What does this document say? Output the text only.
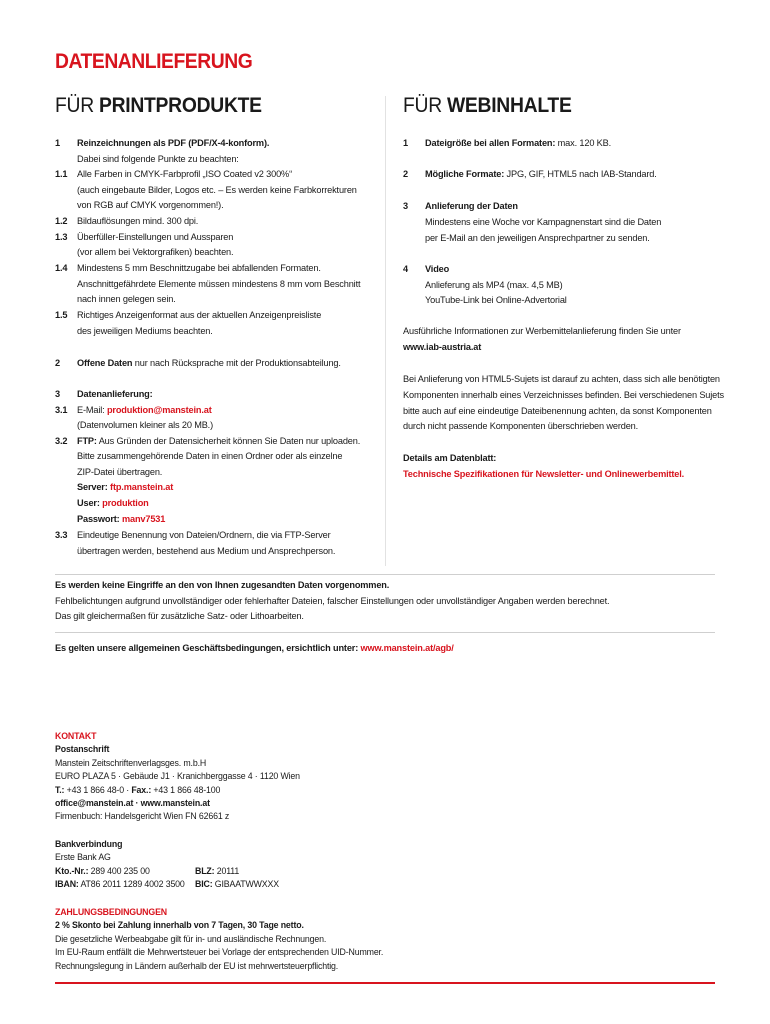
DATENANLIEFERUNG
FÜR PRINTPRODUKTE	FÜR WEBINHALTE
1 Reinzeichnungen als PDF (PDF/X-4-konform).
Dabei sind folgende Punkte zu beachten:
1.1 Alle Farben in CMYK-Farbprofil „ISO Coated v2 300%“
(auch eingebaute Bilder, Logos etc. – Es werden keine Farbkorrekturen
von RGB auf CMYK vorgenommen!).
1.2 Bildauflösungen mind. 300 dpi.
1.3 Überfüller-Einstellungen und Aussparen
(vor allem bei Vektorgrafiken) beachten.
1.4 Mindestens 5 mm Beschnittzugabe bei abfallenden Formaten.
Anschnittgefährdete Elemente müssen mindestens 8 mm vom Beschnitt
nach innen gelegen sein.
1.5 Richtiges Anzeigenformat aus der aktuellen Anzeigenpreisliste
des jeweiligen Mediums beachten.
2 Offene Daten nur nach Rücksprache mit der Produktionsabteilung.
3 Datenanlieferung:
3.1 E-Mail: produktion@manstein.at
(Datenvolumen kleiner als 20 MB.)
3.2 FTP: Aus Gründen der Datensicherheit können Sie Daten nur uploaden.
Bitte zusammengehörende Daten in einen Ordner oder als einzelne
ZIP-Datei übertragen.
Server: ftp.manstein.at
User: produktion
Passwort: manv7531
3.3 Eindeutige Benennung von Dateien/Ordnern, die via FTP-Server
übertragen werden, bestehend aus Medium und Ansprechperson.
1 Dateigröße bei allen Formaten: max. 120 KB.
2 Mögliche Formate: JPG, GIF, HTML5 nach IAB-Standard.
3 Anlieferung der Daten
Mindestens eine Woche vor Kampagnenstart sind die Daten
per E-Mail an den jeweiligen Ansprechpartner zu senden.
4 Video
Anlieferung als MP4 (max. 4,5 MB)
YouTube-Link bei Online-Advertorial
Ausführliche Informationen zur Werbemittelanlieferung finden Sie unter
www.iab-austria.at
Bei Anlieferung von HTML5-Sujets ist darauf zu achten, dass sich alle benötigten
Komponenten innerhalb eines Verzeichnisses befinden. Bei verschiedenen Sujets
bitte auch auf eine eindeutige Dateibenennung achten, da sonst Komponenten
durch nicht passende Komponenten überschrieben werden.
Details am Datenblatt:
Technische Spezifikationen für Newsletter- und Onlinewerbemittel.
Es werden keine Eingriffe an den von Ihnen zugesandten Daten vorgenommen.
Fehlbelichtungen aufgrund unvollständiger oder fehlerhafter Dateien, falscher Einstellungen oder unvollständiger Angaben werden berechnet.
Das gilt gleichermaßen für zusätzliche Satz- oder Lithoarbeiten.
Es gelten unsere allgemeinen Geschäftsbedingungen, ersichtlich unter: www.manstein.at/agb/
KONTAKT
Postanschrift
Manstein Zeitschriftenverlagsges. m.b.H
EURO PLAZA 5 · Gebäude J1 · Kranichberggasse 4 · 1120 Wien
T.: +43 1 866 48-0 · Fax.: +43 1 866 48-100
office@manstein.at · www.manstein.at
Firmenbuch: Handelsgericht Wien FN 62661 z
Bankverbindung
Erste Bank AG
Kto.-Nr.: 289 400 235 00	BLZ: 20111
IBAN: AT86 2011 1289 4002 3500 BIC: GIBAATWWXXX
ZAHLUNGSBEDINGUNGEN
2 % Skonto bei Zahlung innerhalb von 7 Tagen, 30 Tage netto.
Die gesetzliche Werbeabgabe gilt für in- und ausländische Rechnungen.
Im EU-Raum entfällt die Mehrwertsteuer bei Vorlage der entsprechenden UID-Nummer.
Rechnungslegung in Ländern außerhalb der EU ist mehrwertsteuerpflichtig.
